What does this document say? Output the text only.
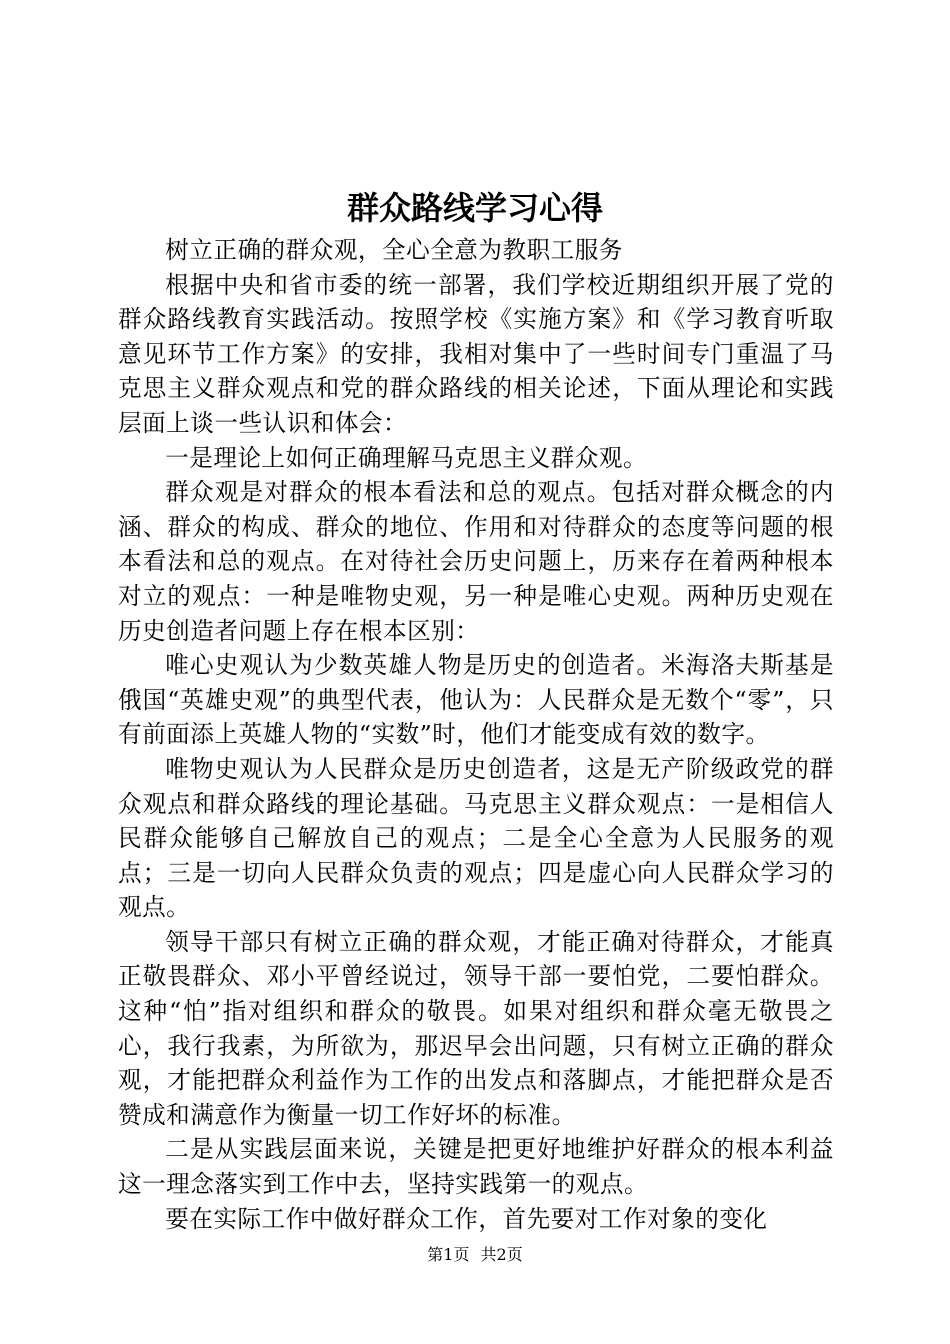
群众路线学习心得

树立正确的群众观，全心全意为教职工服务

根据中央和省市委的统一部署，我们学校近期组织开展了党的群众路线教育实践活动。按照学校《实施方案》和《学习教育听取意见环节工作方案》的安排，我相对集中了一些时间专门重温了马克思主义群众观点和党的群众路线的相关论述，下面从理论和实践层面上谈一些认识和体会：

一是理论上如何正确理解马克思主义群众观。

群众观是对群众的根本看法和总的观点。包括对群众概念的内涵、群众的构成、群众的地位、作用和对待群众的态度等问题的根本看法和总的观点。在对待社会历史问题上，历来存在着两种根本对立的观点：一种是唯物史观，另一种是唯心史观。两种历史观在历史创造者问题上存在根本区别：

唯心史观认为少数英雄人物是历史的创造者。米海洛夫斯基是俄国“英雄史观”的典型代表，他认为：人民群众是无数个“零”，只有前面添上英雄人物的“实数”时，他们才能变成有效的数字。

唯物史观认为人民群众是历史创造者，这是无产阶级政党的群众观点和群众路线的理论基础。马克思主义群众观点：一是相信人民群众能够自己解放自己的观点；二是全心全意为人民服务的观点；三是一切向人民群众负责的观点；四是虚心向人民群众学习的观点。

领导干部只有树立正确的群众观，才能正确对待群众，才能真正敬畏群众、邓小平曾经说过，领导干部一要怕党，二要怕群众。这种“怕”指对组织和群众的敬畏。如果对组织和群众毫无敬畏之心，我行我素，为所欲为，那迟早会出问题，只有树立正确的群众观，才能把群众利益作为工作的出发点和落脚点，才能把群众是否赞成和满意作为衡量一切工作好坏的标准。

二是从实践层面来说，关键是把更好地维护好群众的根本利益这一理念落实到工作中去，坚持实践第一的观点。

要在实际工作中做好群众工作，首先要对工作对象的变化

第1页 共2页
